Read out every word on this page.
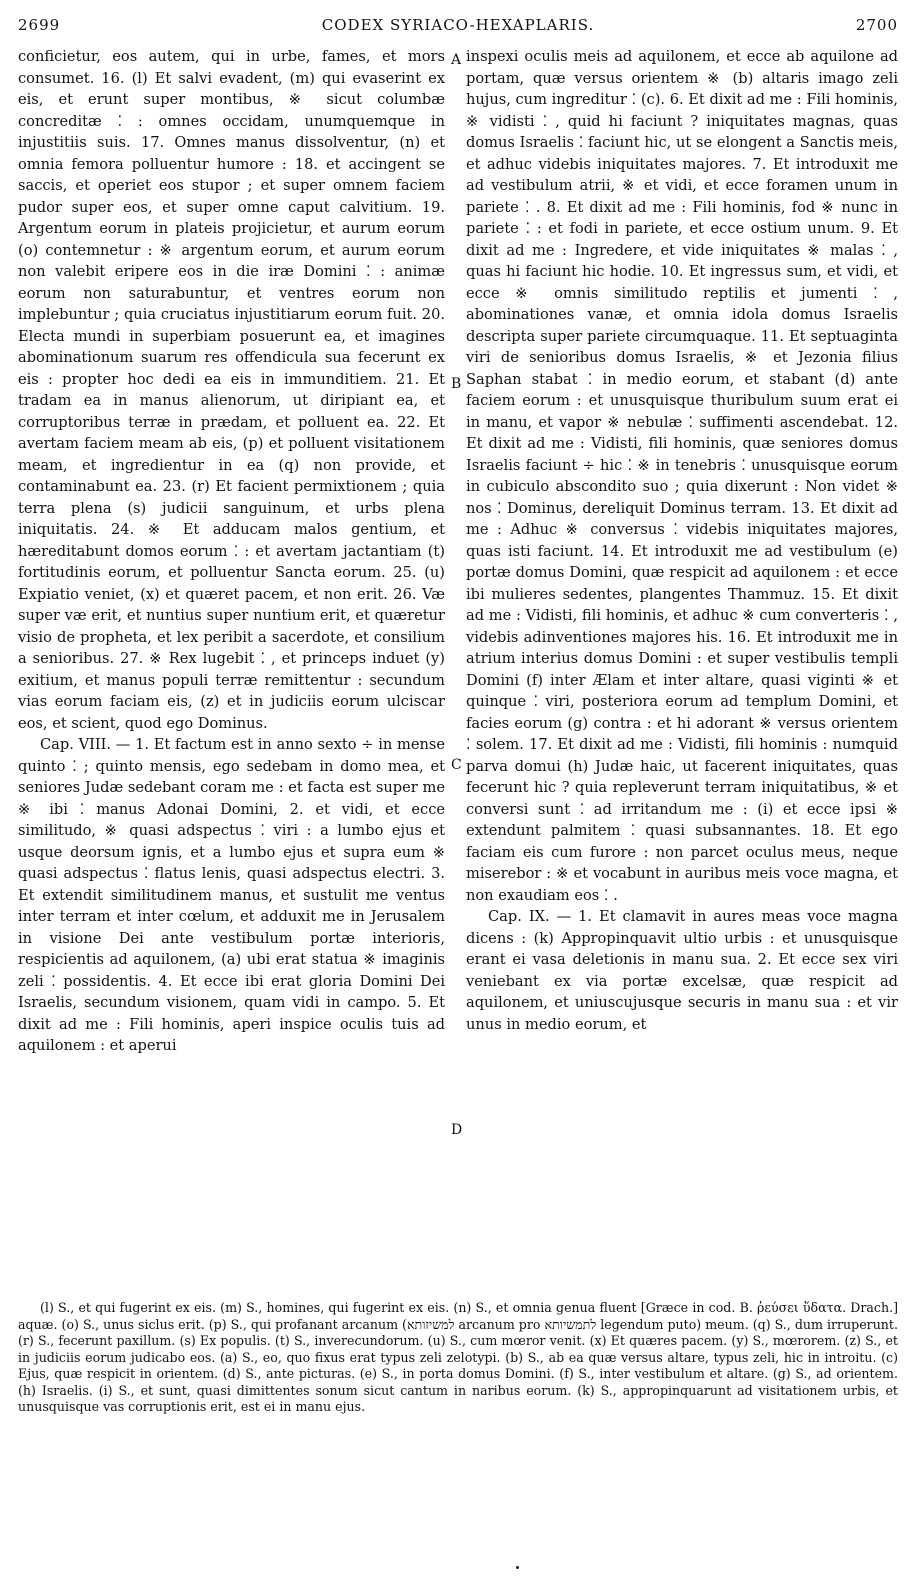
2699	CODEX SYRIACO-HEXAPLARIS.	2700

conficietur, eos autem, qui in urbe, fames, et mors consumet. 16. (l) Et salvi evadent, (m) qui evaserint ex eis, et erunt super montibus, ※ sicut columbæ concreditæ ⁚ : omnes occidam, unumquemque in injustitiis suis. 17. Omnes manus dissolventur, (n) et omnia femora polluentur humore : 18. et accingent se saccis, et operiet eos stupor ; et super omnem faciem pudor super eos, et super omne caput calvitium. 19. Argentum eorum in plateis projicietur, et aurum eorum (o) contemnetur : ※ argentum eorum, et aurum eorum non valebit eripere eos in die iræ Domini ⁚ : animæ eorum non saturabuntur, et ventres eorum non implebuntur ; quia cruciatus injustitiarum eorum fuit. 20. Electa mundi in superbiam posuerunt ea, et imagines abominationum suarum res offendicula sua fecerunt ex eis : propter hoc dedi ea eis in immunditiem. 21. Et tradam ea in manus alienorum, ut diripiant ea, et corruptoribus terræ in prædam, et polluent ea. 22. Et avertam faciem meam ab eis, (p) et polluent visitationem meam, et ingredientur in ea (q) non provide, et contaminabunt ea. 23. (r) Et facient permixtionem ; quia terra plena (s) judicii sanguinum, et urbs plena iniquitatis. 24. ※ Et adducam malos gentium, et hæreditabunt domos eorum ⁚ : et avertam jactantiam (t) fortitudinis eorum, et polluentur Sancta eorum. 25. (u) Expiatio veniet, (x) et quæret pacem, et non erit. 26. Væ super væ erit, et nuntius super nuntium erit, et quæretur visio de propheta, et lex peribit a sacerdote, et consilium a senioribus. 27. ※ Rex lugebit ⁚ , et princeps induet (y) exitium, et manus populi terræ remittentur : secundum vias eorum faciam eis, (z) et in judiciis eorum ulciscar eos, et scient, quod ego Dominus.

Cap. VIII. — 1. Et factum est in anno sexto ÷ in mense quinto ⁚ ; quinto mensis, ego sedebam in domo mea, et seniores Judæ sedebant coram me : et facta est super me ※ ibi ⁚ manus Adonai Domini, 2. et vidi, et ecce similitudo, ※ quasi adspectus ⁚ viri : a lumbo ejus et usque deorsum ignis, et a lumbo ejus et supra eum ※ quasi adspectus ⁚ flatus lenis, quasi adspectus electri. 3. Et extendit similitudinem manus, et sustulit me ventus inter terram et inter cœlum, et adduxit me in Jerusalem in visione Dei ante vestibulum portæ interioris, respicientis ad aquilonem, (a) ubi erat statua ※ imaginis zeli ⁚ possidentis. 4. Et ecce ibi erat gloria Domini Dei Israelis, secundum visionem, quam vidi in campo. 5. Et dixit ad me : Fili hominis, aperi inspice oculis tuis ad aquilonem : et aperui

A
B
C
D

inspexi oculis meis ad aquilonem, et ecce ab aquilone ad portam, quæ versus orientem ※ (b) altaris imago zeli hujus, cum ingreditur ⁚ (c). 6. Et dixit ad me : Fili hominis, ※ vidisti ⁚ , quid hi faciunt ? iniquitates magnas, quas domus Israelis ⁚ faciunt hic, ut se elongent a Sanctis meis, et adhuc videbis iniquitates majores. 7. Et introduxit me ad vestibulum atrii, ※ et vidi, et ecce foramen unum in pariete ⁚ . 8. Et dixit ad me : Fili hominis, fod ※ nunc in pariete ⁚ : et fodi in pariete, et ecce ostium unum. 9. Et dixit ad me : Ingredere, et vide iniquitates ※ malas ⁚ , quas hi faciunt hic hodie. 10. Et ingressus sum, et vidi, et ecce ※ omnis similitudo reptilis et jumenti ⁚ , abominationes vanæ, et omnia idola domus Israelis descripta super pariete circumquaque. 11. Et septuaginta viri de senioribus domus Israelis, ※ et Jezonia filius Saphan stabat ⁚ in medio eorum, et stabant (d) ante faciem eorum : et unusquisque thuribulum suum erat ei in manu, et vapor ※ nebulæ ⁚ suffimenti ascendebat. 12. Et dixit ad me : Vidisti, fili hominis, quæ seniores domus Israelis faciunt ÷ hic ⁚ ※ in tenebris ⁚ unusquisque eorum in cubiculo abscondito suo ; quia dixerunt : Non videt ※ nos ⁚ Dominus, dereliquit Dominus terram. 13. Et dixit ad me : Adhuc ※ conversus ⁚ videbis iniquitates majores, quas isti faciunt. 14. Et introduxit me ad vestibulum (e) portæ domus Domini, quæ respicit ad aquilonem : et ecce ibi mulieres sedentes, plangentes Thammuz. 15. Et dixit ad me : Vidisti, fili hominis, et adhuc ※ cum converteris ⁚ , videbis adinventiones majores his. 16. Et introduxit me in atrium interius domus Domini : et super vestibulis templi Domini (f) inter Ælam et inter altare, quasi viginti ※ et quinque ⁚ viri, posteriora eorum ad templum Domini, et facies eorum (g) contra : et hi adorant ※ versus orientem ⁚ solem. 17. Et dixit ad me : Vidisti, fili hominis : numquid parva domui (h) Judæ haic, ut facerent iniquitates, quas fecerunt hic ? quia repleverunt terram iniquitatibus, ※ et conversi sunt ⁚ ad irritandum me : (i) et ecce ipsi ※ extendunt palmitem ⁚ quasi subsannantes. 18. Et ego faciam eis cum furore : non parcet oculus meus, neque miserebor : ※ et vocabunt in auribus meis voce magna, et non exaudiam eos ⁚ .

Cap. IX. — 1. Et clamavit in aures meas voce magna dicens : (k) Appropinquavit ultio urbis : et unusquisque erant ei vasa deletionis in manu sua. 2. Et ecce sex viri veniebant ex via portæ excelsæ, quæ respicit ad aquilonem, et uniuscujusque securis in manu sua : et vir unus in medio eorum, et

(l) S., et qui fugerint ex eis. (m) S., homines, qui fugerint ex eis. (n) S., et omnia genua fluent [Græce in cod. B. ῥεύσει ὕδατα. Drach.] aquæ. (o) S., unus siclus erit. (p) S., qui profanant arcanum (למשיזותא arcanum pro לתמשיותא legendum puto) meum. (q) S., dum irruperunt. (r) S., fecerunt paxillum. (s) Ex populis. (t) S., inverecundorum. (u) S., cum mœror venit. (x) Et quæres pacem. (y) S., mœrorem. (z) S., et in judiciis eorum judicabo eos. (a) S., eo, quo fixus erat typus zeli zelotypi. (b) S., ab ea quæ versus altare, typus zeli, hic in introitu. (c) Ejus, quæ respicit in orientem. (d) S., ante picturas. (e) S., in porta domus Domini. (f) S., inter vestibulum et altare. (g) S., ad orientem. (h) Israelis. (i) S., et sunt, quasi dimittentes sonum sicut cantum in naribus eorum. (k) S., appropinquarunt ad visitationem urbis, et unusquisque vas corruptionis erit, est ei in manu ejus.
